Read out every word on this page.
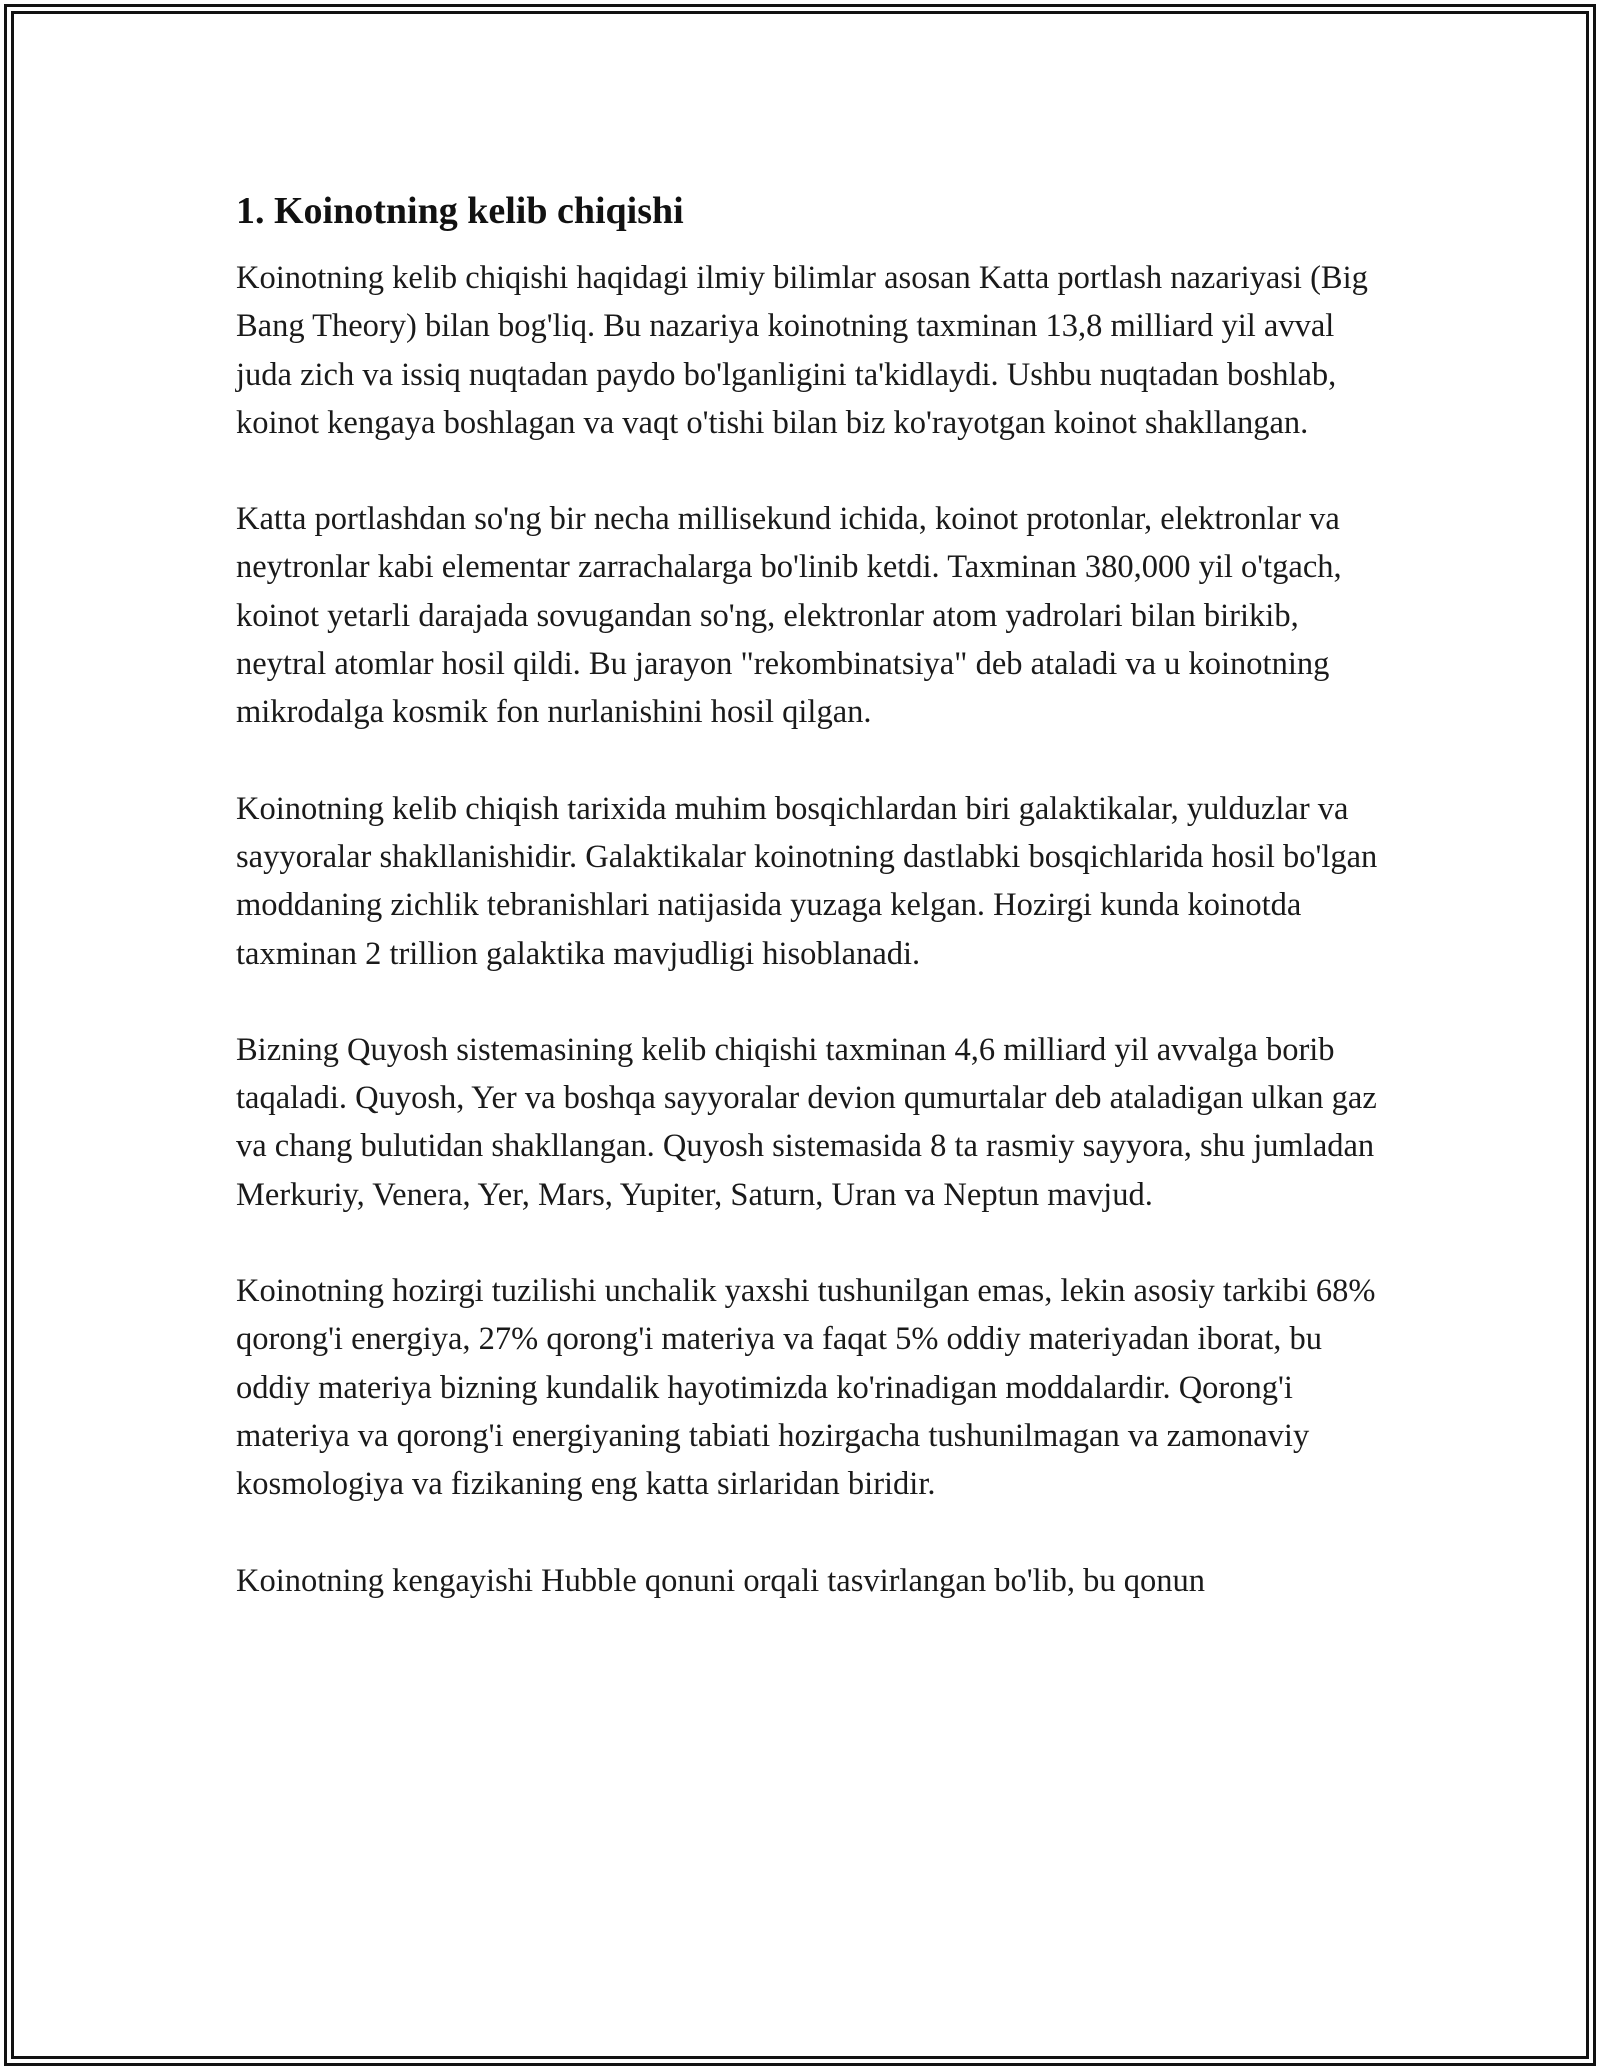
1. Koinotning kelib chiqishi

Koinotning kelib chiqishi haqidagi ilmiy bilimlar asosan Katta portlash nazariyasi (Big Bang Theory) bilan bog'liq. Bu nazariya koinotning taxminan 13,8 milliard yil avval juda zich va issiq nuqtadan paydo bo'lganligini ta'kidlaydi. Ushbu nuqtadan boshlab, koinot kengaya boshlagan va vaqt o'tishi bilan biz ko'rayotgan koinot shakllangan.

Katta portlashdan so'ng bir necha millisekund ichida, koinot protonlar, elektronlar va neytronlar kabi elementar zarrachalarga bo'linib ketdi. Taxminan 380,000 yil o'tgach, koinot yetarli darajada sovugandan so'ng, elektronlar atom yadrolari bilan birikib, neytral atomlar hosil qildi. Bu jarayon "rekombinatsiya" deb ataladi va u koinotning mikrodalga kosmik fon nurlanishini hosil qilgan.

Koinotning kelib chiqish tarixida muhim bosqichlardan biri galaktikalar, yulduzlar va sayyoralar shakllanishidir. Galaktikalar koinotning dastlabki bosqichlarida hosil bo'lgan moddaning zichlik tebranishlari natijasida yuzaga kelgan. Hozirgi kunda koinotda taxminan 2 trillion galaktika mavjudligi hisoblanadi.

Bizning Quyosh sistemasining kelib chiqishi taxminan 4,6 milliard yil avvalga borib taqaladi. Quyosh, Yer va boshqa sayyoralar devion qumurtalar deb ataladigan ulkan gaz va chang bulutidan shakllangan. Quyosh sistemasida 8 ta rasmiy sayyora, shu jumladan Merkuriy, Venera, Yer, Mars, Yupiter, Saturn, Uran va Neptun mavjud.

Koinotning hozirgi tuzilishi unchalik yaxshi tushunilgan emas, lekin asosiy tarkibi 68% qorong'i energiya, 27% qorong'i materiya va faqat 5% oddiy materiyadan iborat, bu oddiy materiya bizning kundalik hayotimizda ko'rinadigan moddalardir. Qorong'i materiya va qorong'i energiyaning tabiati hozirgacha tushunilmagan va zamonaviy kosmologiya va fizikaning eng katta sirlaridan biridir.

Koinotning kengayishi Hubble qonuni orqali tasvirlangan bo'lib, bu qonun
